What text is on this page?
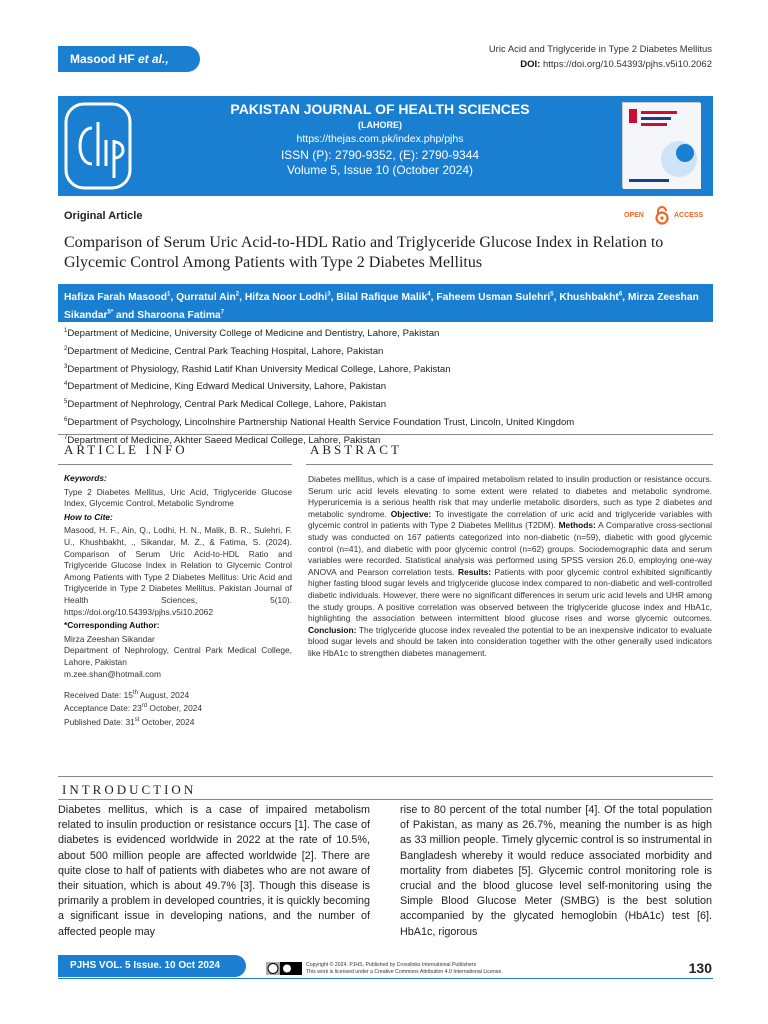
Masood HF et al.,
Uric Acid and Triglyceride in Type 2 Diabetes Mellitus
DOI: https://doi.org/10.54393/pjhs.v5i10.2062
PAKISTAN JOURNAL OF HEALTH SCIENCES
(LAHORE)
https://thejas.com.pk/index.php/pjhs
ISSN (P): 2790-9352, (E): 2790-9344
Volume 5, Issue 10 (October 2024)
Original Article	OPEN	ACCESS
Comparison of Serum Uric Acid-to-HDL Ratio and Triglyceride Glucose Index in Relation to Glycemic Control Among Patients with Type 2 Diabetes Mellitus
Hafiza Farah Masood$^1$, Qurratul Ain$^2$, Hifza Noor Lodhi$^3$, Bilal Rafique Malik$^4$, Faheem Usman Sulehri$^5$, Khushbakht$^6$, Mirza Zeeshan Sikandar$^{5*}$ and Sharoona Fatima$^7$
$^1$Department of Medicine, University College of Medicine and Dentistry, Lahore, Pakistan
$^2$Department of Medicine, Central Park Teaching Hospital, Lahore, Pakistan
$^3$Department of Physiology, Rashid Latif Khan University Medical College, Lahore, Pakistan
$^4$Department of Medicine, King Edward Medical University, Lahore, Pakistan
$^5$Department of Nephrology, Central Park Medical College, Lahore, Pakistan
$^6$Department of Psychology, Lincolnshire Partnership National Health Service Foundation Trust, Lincoln, United Kingdom
$^7$Department of Medicine, Akhter Saeed Medical College, Lahore, Pakistan
ARTICLE INFO	ABSTRACT

Keywords:

Type 2 Diabetes Mellitus, Uric Acid, Triglyceride Glucose Index, Glycemic Control, Metabolic Syndrome

How to Cite:

Masood, H. F., Ain, Q., Lodhi, H. N., Malik, B. R., Sulehri, F. U., Khushbakht, ., Sikandar, M. Z., & Fatima, S. (2024). Comparison of Serum Uric Acid-to-HDL Ratio and Triglyceride Glucose Index in Relation to Glycemic Control Among Patients with Type 2 Diabetes Mellitus: Uric Acid and Triglyceride in Type 2 Diabetes Mellitus. Pakistan Journal of Health Sciences, 5(10). https://doi.org/10.54393/pjhs.v5i10.2062

*Corresponding Author:

Mirza Zeeshan Sikandar

Department of Nephrology, Central Park Medical College, Lahore, Pakistan

m.zee.shan@hotmail.com

Received Date: 15th August, 2024

Acceptance Date: 23rd October, 2024

Published Date: 31st October, 2024

Diabetes mellitus, which is a case of impaired metabolism related to insulin production or resistance occurs. Serum uric acid levels elevating to some extent were related to diabetes and metabolic syndrome. Hyperuricemia is a serious health risk that may underlie metabolic disorders, such as type 2 diabetes and metabolic syndrome. Objective: To investigate the correlation of uric acid and triglyceride variables with glycemic control in patients with Type 2 Diabetes Mellitus (T2DM). Methods: A Comparative cross-sectional study was conducted on 167 patients categorized into non-diabetic (n=59), diabetic with good glycemic control (n=41), and diabetic with poor glycemic control (n=62) groups. Sociodemographic data and serum variables were recorded. Statistical analysis was performed using SPSS version 26.0, employing one-way ANOVA and Pearson correlation tests. Results: Patients with poor glycemic control exhibited significantly higher fasting blood sugar levels and triglyceride glucose index compared to non-diabetic and well-controlled diabetic individuals. However, there were no significant differences in serum uric acid levels and UHR among the study groups. A positive correlation was observed between the triglyceride glucose index and HbA1c, highlighting the association between intermittent blood glucose rises and worse glycemic outcomes. Conclusion: The triglyceride glucose index revealed the potential to be an inexpensive indicator to evaluate blood sugar levels and should be taken into consideration together with the other generally used indicators like HbA1c to strengthen diabetes management.
INTRODUCTION
Diabetes mellitus, which is a case of impaired metabolism related to insulin production or resistance occurs [1]. The case of diabetes is evidenced worldwide in 2022 at the rate of 10.5%, about 500 million people are affected worldwide [2]. There are quite close to half of patients with diabetes who are not aware of their situation, which is about 49.7% [3]. Though this disease is primarily a problem in developed countries, it is quickly becoming a significant issue in developing nations, and the number of affected people may
rise to 80 percent of the total number [4]. Of the total population of Pakistan, as many as 26.7%, meaning the number is as high as 33 million people. Timely glycemic control is so instrumental in Bangladesh whereby it would reduce associated morbidity and mortality from diabetes [5]. Glycemic control monitoring role is crucial and the blood glucose level self-monitoring using the Simple Blood Glucose Meter (SMBG) is the best solution accompanied by the glycated hemoglobin (HbA1c) test [6]. HbA1c, rigorous
PJHS VOL. 5 Issue. 10 Oct 2024	Copyright © 2024. PJHS, Published by Crosslinks International Publishers
This work is licensed under a Creative Commons Attribution 4.0 International License.	130
